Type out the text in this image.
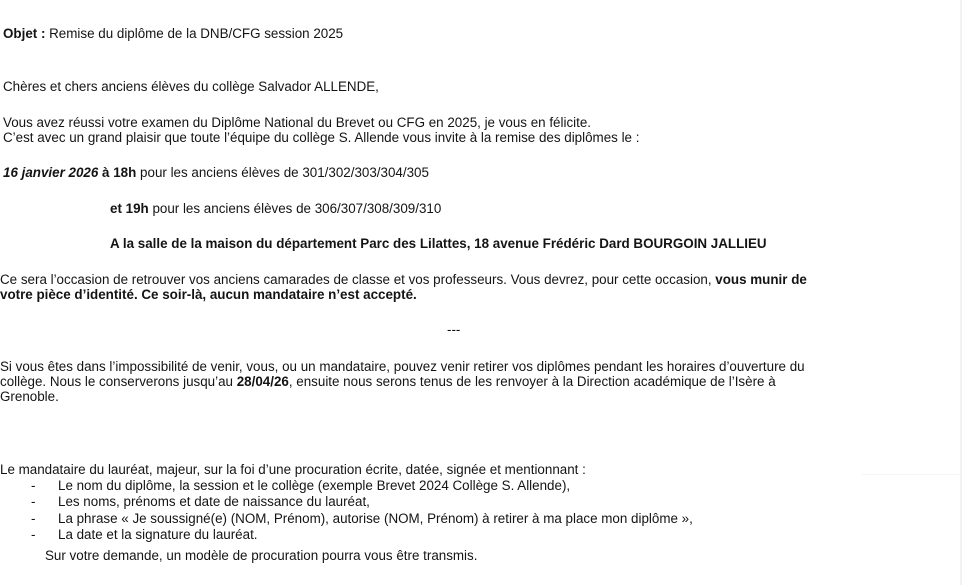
Objet : Remise du diplôme de la DNB/CFG session 2025

Chères et chers anciens élèves du collège Salvador ALLENDE,

Vous avez réussi votre examen du Diplôme National du Brevet ou CFG en 2025, je vous en félicite.

C’est avec un grand plaisir que toute l’équipe du collège S. Allende vous invite à la remise des diplômes le :

16 janvier 2026 à 18h pour les anciens élèves de 301/302/303/304/305

et 19h pour les anciens élèves de 306/307/308/309/310

A la salle de la maison du département Parc des Lilattes, 18 avenue Frédéric Dard BOURGOIN JALLIEU

Ce sera l’occasion de retrouver vos anciens camarades de classe et vos professeurs. Vous devrez, pour cette occasion, vous munir de

votre pièce d’identité. Ce soir-là, aucun mandataire n’est accepté.

---

Si vous êtes dans l’impossibilité de venir, vous, ou un mandataire, pouvez venir retirer vos diplômes pendant les horaires d’ouverture du

collège. Nous le conserverons jusqu’au 28/04/26, ensuite nous serons tenus de les renvoyer à la Direction académique de l’Isère à

Grenoble.

Le mandataire du lauréat, majeur, sur la foi d’une procuration écrite, datée, signée et mentionnant :

- Le nom du diplôme, la session et le collège (exemple Brevet 2024 Collège S. Allende),
- Les noms, prénoms et date de naissance du lauréat,
- La phrase « Je soussigné(e) (NOM, Prénom), autorise (NOM, Prénom) à retirer à ma place mon diplôme »,
- La date et la signature du lauréat.

Sur votre demande, un modèle de procuration pourra vous être transmis.
